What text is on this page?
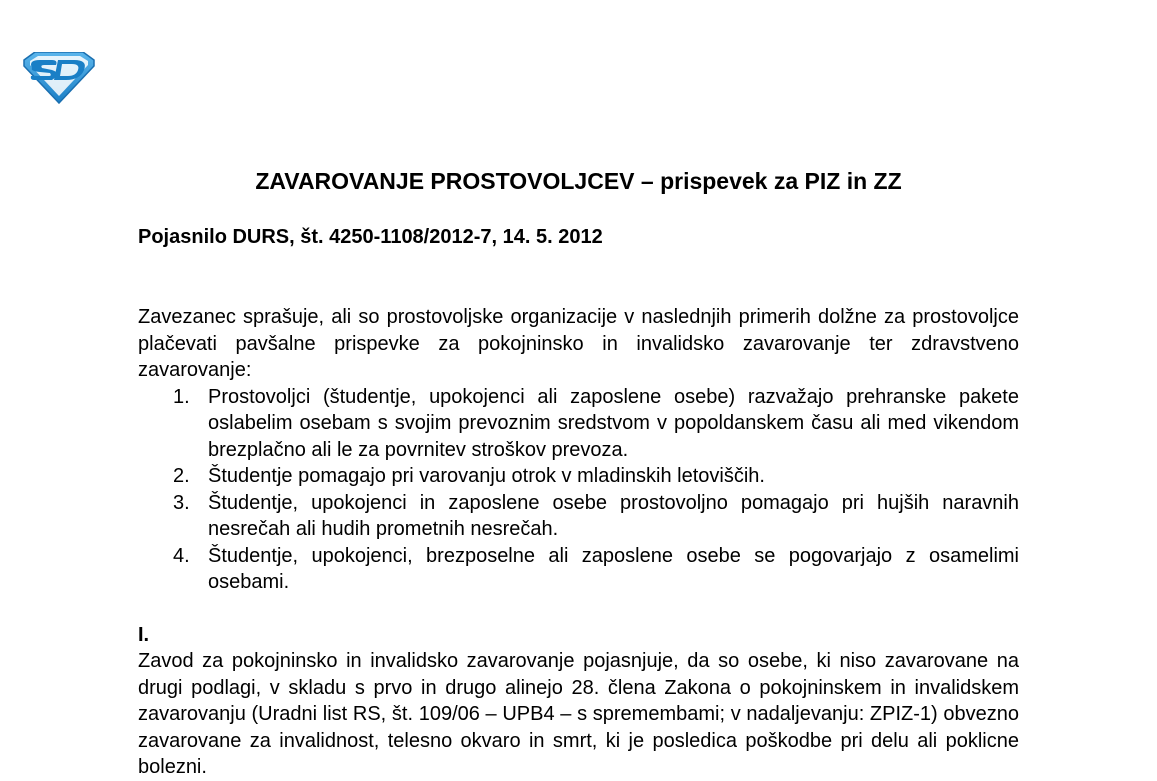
ZAVAROVANJE PROSTOVOLJCEV – prispevek za PIZ in ZZ
Pojasnilo DURS, št. 4250-1108/2012-7, 14. 5. 2012

Zavezanec sprašuje, ali so prostovoljske organizacije v naslednjih primerih dolžne za prostovoljce plačevati pavšalne prispevke za pokojninsko in invalidsko zavarovanje ter zdravstveno zavarovanje:

1. Prostovoljci (študentje, upokojenci ali zaposlene osebe) razvažajo prehranske pakete oslabelim osebam s svojim prevoznim sredstvom v popoldanskem času ali med vikendom brezplačno ali le za povrnitev stroškov prevoza.
2. Študentje pomagajo pri varovanju otrok v mladinskih letoviščih.
3. Študentje, upokojenci in zaposlene osebe prostovoljno pomagajo pri hujših naravnih nesrečah ali hudih prometnih nesrečah.
4. Študentje, upokojenci, brezposelne ali zaposlene osebe se pogovarjajo z osamelimi osebami.

I.

Zavod za pokojninsko in invalidsko zavarovanje pojasnjuje, da so osebe, ki niso zavarovane na drugi podlagi, v skladu s prvo in drugo alinejo 28. člena Zakona o pokojninskem in invalidskem zavarovanju (Uradni list RS, št. 109/06 – UPB4 – s spremembami; v nadaljevanju: ZPIZ-1) obvezno zavarovane za invalidnost, telesno okvaro in smrt, ki je posledica poškodbe pri delu ali poklicne bolezni.
